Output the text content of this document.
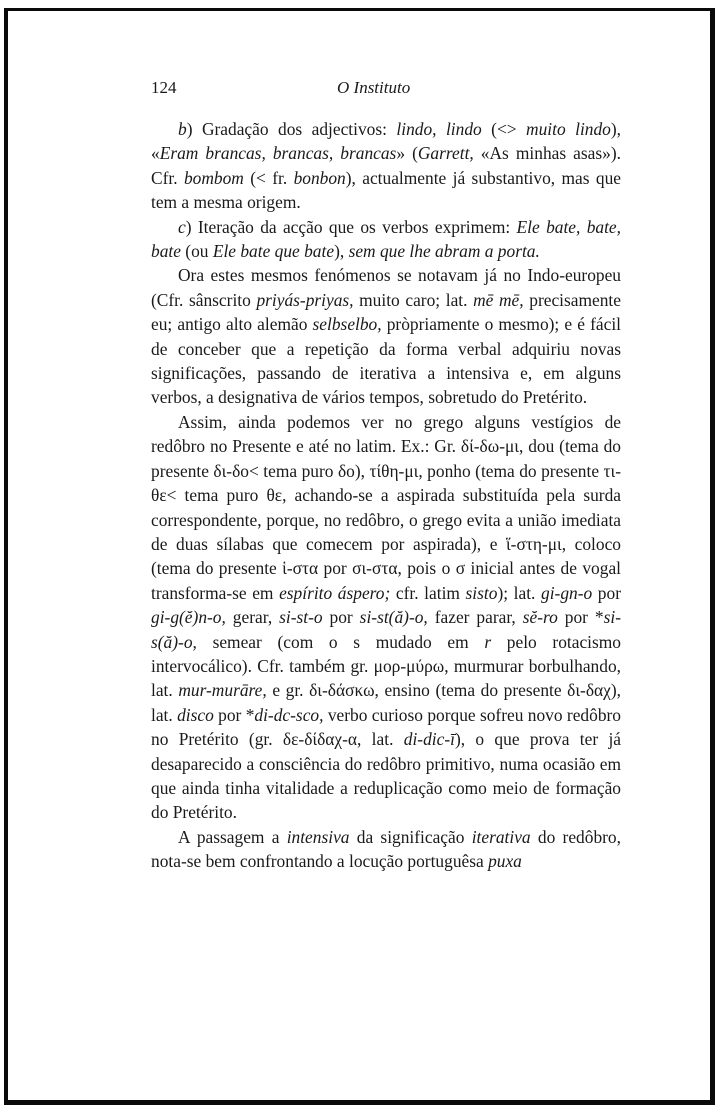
124	O Instituto

b) Gradação dos adjectivos: lindo, lindo (<> muito lindo), «Eram brancas, brancas, brancas» (Garrett, «As minhas asas»). Cfr. bombom (< fr. bonbon), actualmente já substantivo, mas que tem a mesma origem.

c) Iteração da acção que os verbos exprimem: Ele bate, bate, bate (ou Ele bate que bate), sem que lhe abram a porta.

Ora estes mesmos fenómenos se notavam já no Indo-europeu (Cfr. sânscrito priyás-priyas, muito caro; lat. mē mē, precisamente eu; antigo alto alemão selbselbo, pròpriamente o mesmo); e é fácil de conceber que a repetição da forma verbal adquiriu novas significações, passando de iterativa a intensiva e, em alguns verbos, a designativa de vários tempos, sobretudo do Pretérito.

Assim, ainda podemos ver no grego alguns vestígios de redôbro no Presente e até no latim. Ex.: Gr. δί-δω-μι, dou (tema do presente δι-δο< tema puro δο), τίθη-μι, ponho (tema do presente τι-θε< tema puro θε, achando-se a aspirada substituída pela surda correspondente, porque, no redôbro, o grego evita a união imediata de duas sílabas que comecem por aspirada), e ἵ-στη-μι, coloco (tema do presente ἱ-στα por σι-στα, pois o σ inicial antes de vogal transforma-se em espírito áspero; cfr. latim sisto); lat. gi-gn-o por gi-g(ĕ)n-o, gerar, si-st-o por si-st(ă)-o, fazer parar, sĕ-ro por *si-s(ă)-o, semear (com o s mudado em r pelo rotacismo intervocálico). Cfr. também gr. μορ-μύρω, murmurar borbulhando, lat. mur-murāre, e gr. δι-δάσκω, ensino (tema do presente δι-δαχ), lat. disco por *di-dc-sco, verbo curioso porque sofreu novo redôbro no Pretérito (gr. δε-δίδαχ-α, lat. di-dic-ī), o que prova ter já desaparecido a consciência do redôbro primitivo, numa ocasião em que ainda tinha vitalidade a reduplicação como meio de formação do Pretérito.

A passagem a intensiva da significação iterativa do redôbro, nota-se bem confrontando a locução portuguêsa puxa
